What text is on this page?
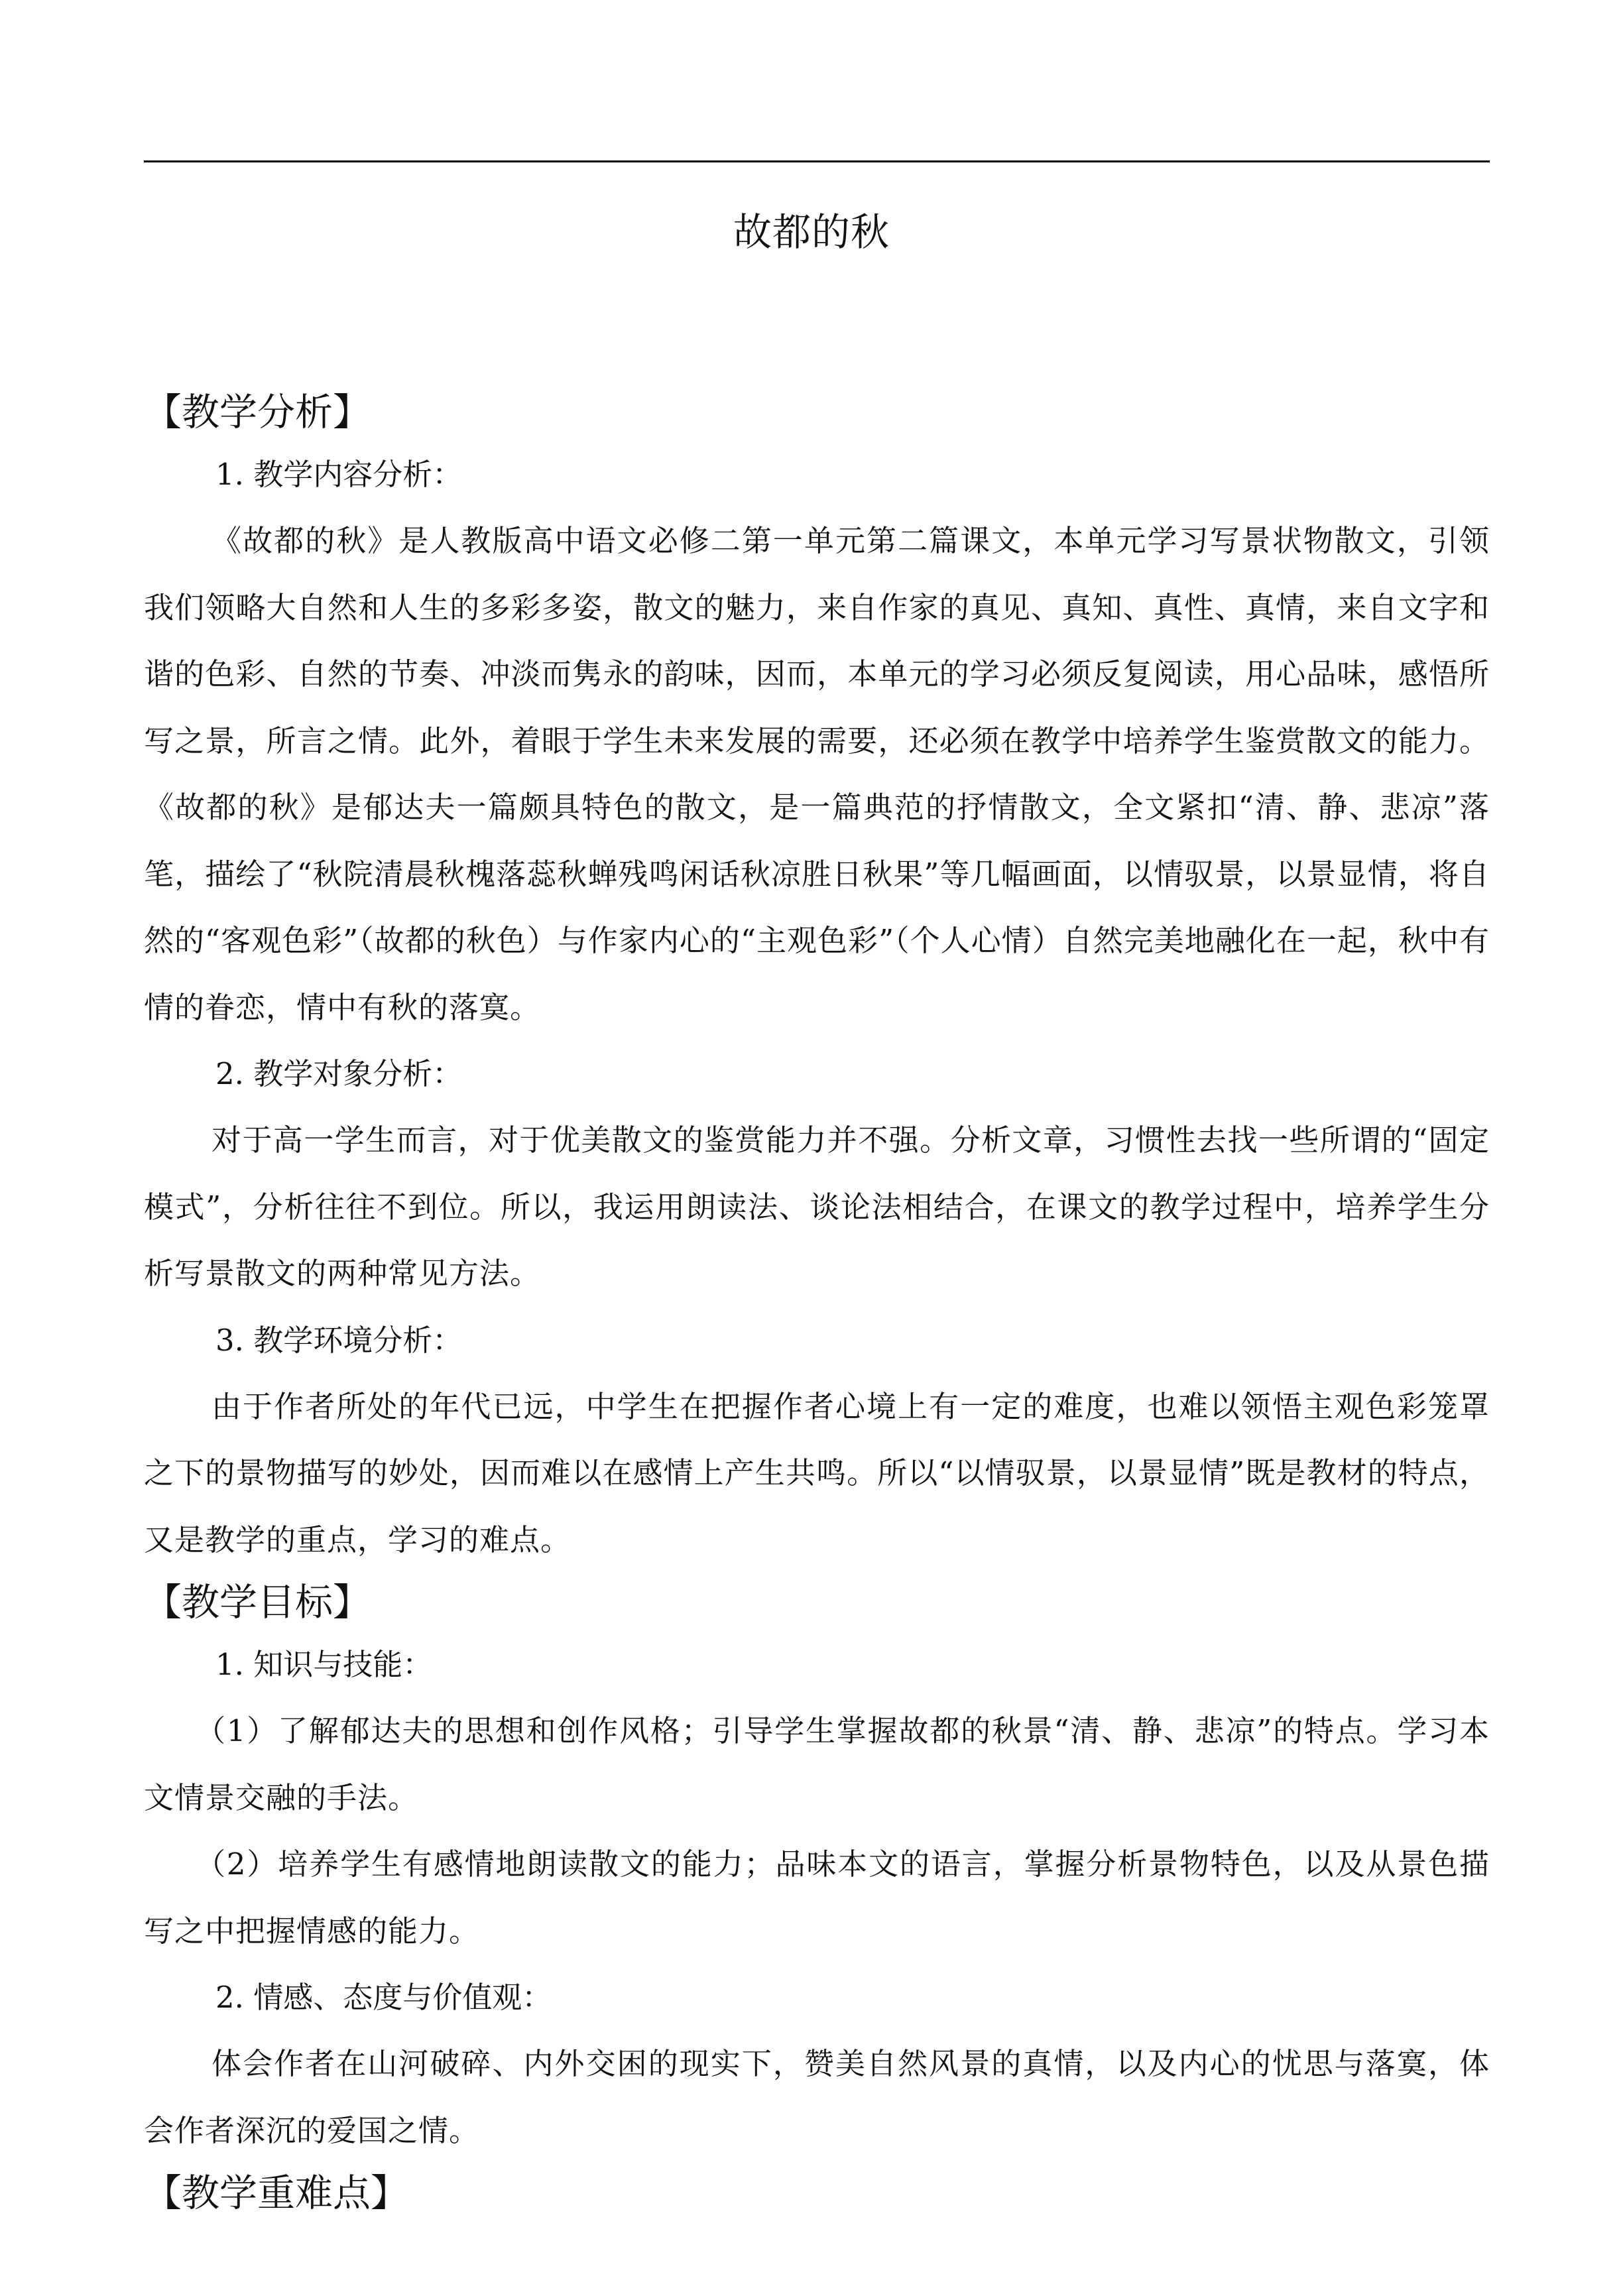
故都的秋
【教学分析】
1. 教学内容分析：

《故都的秋》是人教版高中语文必修二第一单元第二篇课文，本单元学习写景状物散文，引领我们领略大自然和人生的多彩多姿，散文的魅力，来自作家的真见、真知、真性、真情，来自文字和谐的色彩、自然的节奏、冲淡而隽永的韵味，因而，本单元的学习必须反复阅读，用心品味，感悟所写之景，所言之情。此外，着眼于学生未来发展的需要，还必须在教学中培养学生鉴赏散文的能力。《故都的秋》是郁达夫一篇颇具特色的散文，是一篇典范的抒情散文，全文紧扣“清、静、悲凉”落笔，描绘了“秋院清晨秋槐落蕊秋蝉残鸣闲话秋凉胜日秋果”等几幅画面，以情驭景，以景显情，将自然的“客观色彩”（故都的秋色）与作家内心的“主观色彩”（个人心情）自然完美地融化在一起，秋中有情的眷恋，情中有秋的落寞。

2. 教学对象分析：

对于高一学生而言，对于优美散文的鉴赏能力并不强。分析文章，习惯性去找一些所谓的“固定模式”，分析往往不到位。所以，我运用朗读法、谈论法相结合，在课文的教学过程中，培养学生分析写景散文的两种常见方法。

3. 教学环境分析：

由于作者所处的年代已远，中学生在把握作者心境上有一定的难度，也难以领悟主观色彩笼罩之下的景物描写的妙处，因而难以在感情上产生共鸣。所以“以情驭景，以景显情”既是教材的特点，又是教学的重点，学习的难点。

【教学目标】
1. 知识与技能：

（1）了解郁达夫的思想和创作风格；引导学生掌握故都的秋景“清、静、悲凉”的特点。学习本文情景交融的手法。

（2）培养学生有感情地朗读散文的能力；品味本文的语言，掌握分析景物特色，以及从景色描写之中把握情感的能力。

2. 情感、态度与价值观：

体会作者在山河破碎、内外交困的现实下，赞美自然风景的真情，以及内心的忧思与落寞，体会作者深沉的爱国之情。

【教学重难点】
